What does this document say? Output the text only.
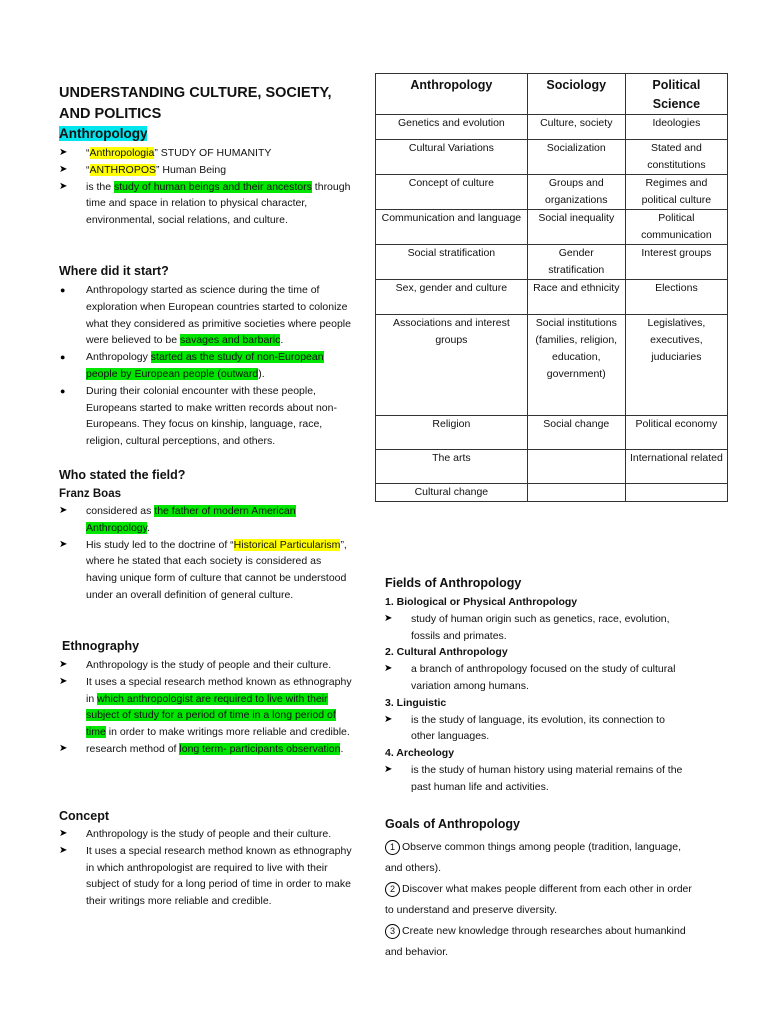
UNDERSTANDING CULTURE, SOCIETY,
AND POLITICS
Anthropology
➤ “Anthropologia” STUDY OF HUMANITY
➤ “ANTHROPOS” Human Being
➤ is the study of human beings and their ancestors through time and space in relation to physical character, environmental, social relations, and culture.
Where did it start?
● Anthropology started as science during the time of exploration when European countries started to colonize what they considered as primitive societies where people were believed to be savages and barbaric.
● Anthropology started as the study of non-European people by European people (outward).
● During their colonial encounter with these people, Europeans started to make written records about non- Europeans. They focus on kinship, language, race, religion, cultural perceptions, and others.
Who stated the field?
Franz Boas
➤ considered as the father of modern American Anthropology.
➤ His study led to the doctrine of “Historical Particularism”, where he stated that each society is considered as having unique form of culture that cannot be understood under an overall definition of general culture.
Ethnography
➤ Anthropology is the study of people and their culture.
➤ It uses a special research method known as ethnography in which anthropologist are required to live with their subject of study for a period of time in a long period of time in order to make writings more reliable and credible.
➤ research method of long term- participants observation.
Concept
➤ Anthropology is the study of people and their culture.
➤ It uses a special research method known as ethnography in which anthropologist are required to live with their subject of study for a long period of time in order to make their writings more reliable and credible.
Anthropology	Sociology	Political Science
Genetics and evolution	Culture, society	Ideologies
Cultural Variations	Socialization	Stated and constitutions
Concept of culture	Groups and organizations	Regimes and political culture
Communication and language	Social inequality	Political communication
Social stratification	Gender stratification	Interest groups
Sex, gender and culture	Race and ethnicity	Elections
Associations and interest groups	Social institutions (families, religion, education, government)	Legislatives, executives, juduciaries
Religion	Social change	Political economy
The arts		International related
Cultural change		
Fields of Anthropology
1. Biological or Physical Anthropology
➤ study of human origin such as genetics, race, evolution, fossils and primates.
2. Cultural Anthropology
➤ a branch of anthropology focused on the study of cultural variation among humans.
3. Linguistic
➤ is the study of language, its evolution, its connection to other languages.
4. Archeology
➤ is the study of human history using material remains of the past human life and activities.
Goals of Anthropology
1 Observe common things among people (tradition, language, and others).
2 Discover what makes people different from each other in order to understand and preserve diversity.
3 Create new knowledge through researches about humankind and behavior.
